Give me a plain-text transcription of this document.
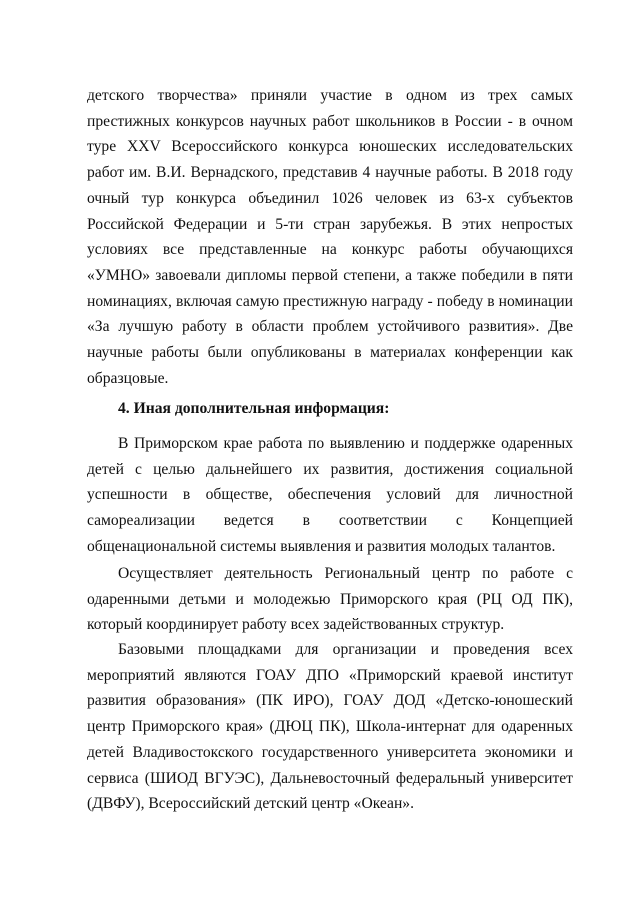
детского творчества» приняли участие в одном из трех самых престижных конкурсов научных работ школьников в России - в очном туре XXV Всероссийского конкурса юношеских исследовательских работ им. В.И. Вернадского, представив 4 научные работы. В 2018 году очный тур конкурса объединил 1026 человек из 63-х субъектов Российской Федерации и 5-ти стран зарубежья. В этих непростых условиях все представленные на конкурс работы обучающихся «УМНО» завоевали дипломы первой степени, а также победили в пяти номинациях, включая самую престижную награду - победу в номинации «За лучшую работу в области проблем устойчивого развития». Две научные работы были опубликованы в материалах конференции как образцовые.

4. Иная дополнительная информация:

В Приморском крае работа по выявлению и поддержке одаренных детей с целью дальнейшего их развития, достижения социальной успешности в обществе, обеспечения условий для личностной самореализации ведется в соответствии с Концепцией общенациональной системы выявления и развития молодых талантов.

Осуществляет деятельность Региональный центр по работе с одаренными детьми и молодежью Приморского края (РЦ ОД ПК), который координирует работу всех задействованных структур.

Базовыми площадками для организации и проведения всех мероприятий являются ГОАУ ДПО «Приморский краевой институт развития образования» (ПК ИРО), ГОАУ ДОД «Детско-юношеский центр Приморского края» (ДЮЦ ПК), Школа-интернат для одаренных детей Владивостокского государственного университета экономики и сервиса (ШИОД ВГУЭС), Дальневосточный федеральный университет (ДВФУ), Всероссийский детский центр «Океан».
